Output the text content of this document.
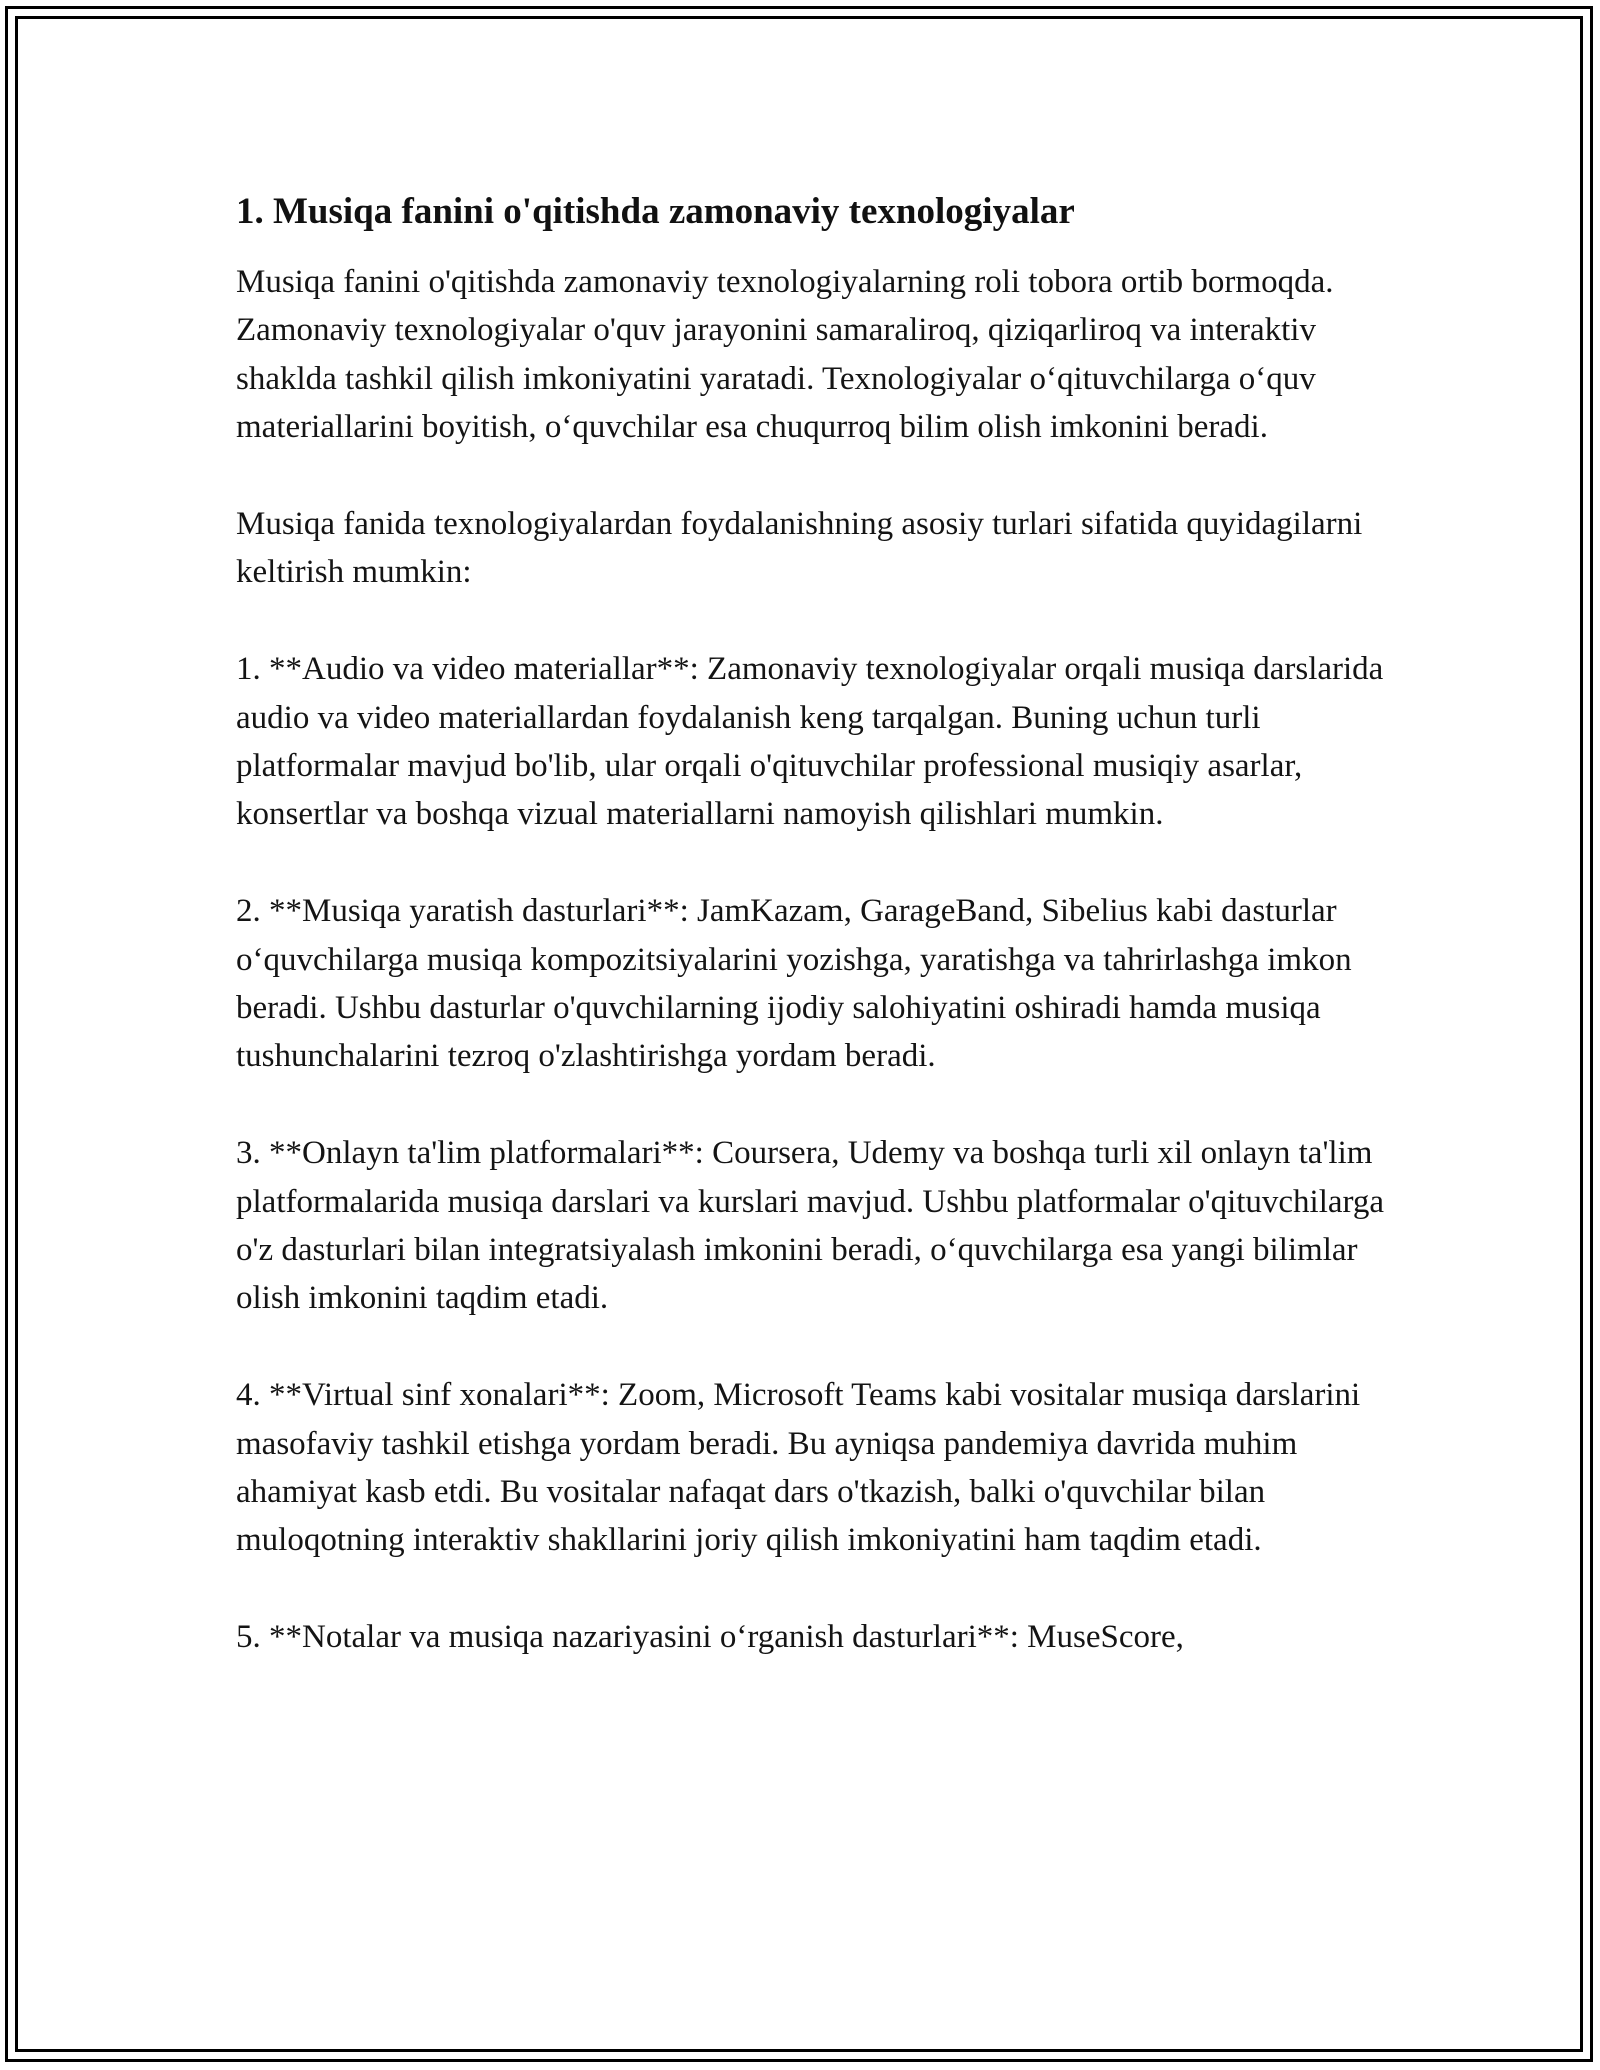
1. Musiqa fanini o'qitishda zamonaviy texnologiyalar

Musiqa fanini o'qitishda zamonaviy texnologiyalarning roli tobora ortib bormoqda. Zamonaviy texnologiyalar o'quv jarayonini samaraliroq, qiziqarliroq va interaktiv shaklda tashkil qilish imkoniyatini yaratadi. Texnologiyalar o‘qituvchilarga o‘quv materiallarini boyitish, o‘quvchilar esa chuqurroq bilim olish imkonini beradi.

Musiqa fanida texnologiyalardan foydalanishning asosiy turlari sifatida quyidagilarni keltirish mumkin:

1. **Audio va video materiallar**: Zamonaviy texnologiyalar orqali musiqa darslarida audio va video materiallardan foydalanish keng tarqalgan. Buning uchun turli platformalar mavjud bo'lib, ular orqali o'qituvchilar professional musiqiy asarlar, konsertlar va boshqa vizual materiallarni namoyish qilishlari mumkin.

2. **Musiqa yaratish dasturlari**: JamKazam, GarageBand, Sibelius kabi dasturlar o‘quvchilarga musiqa kompozitsiyalarini yozishga, yaratishga va tahrirlashga imkon beradi. Ushbu dasturlar o'quvchilarning ijodiy salohiyatini oshiradi hamda musiqa tushunchalarini tezroq o'zlashtirishga yordam beradi.

3. **Onlayn ta'lim platformalari**: Coursera, Udemy va boshqa turli xil onlayn ta'lim platformalarida musiqa darslari va kurslari mavjud. Ushbu platformalar o'qituvchilarga o'z dasturlari bilan integratsiyalash imkonini beradi, o‘quvchilarga esa yangi bilimlar olish imkonini taqdim etadi.

4. **Virtual sinf xonalari**: Zoom, Microsoft Teams kabi vositalar musiqa darslarini masofaviy tashkil etishga yordam beradi. Bu ayniqsa pandemiya davrida muhim ahamiyat kasb etdi. Bu vositalar nafaqat dars o'tkazish, balki o'quvchilar bilan muloqotning interaktiv shakllarini joriy qilish imkoniyatini ham taqdim etadi.

5. **Notalar va musiqa nazariyasini o‘rganish dasturlari**: MuseScore,
